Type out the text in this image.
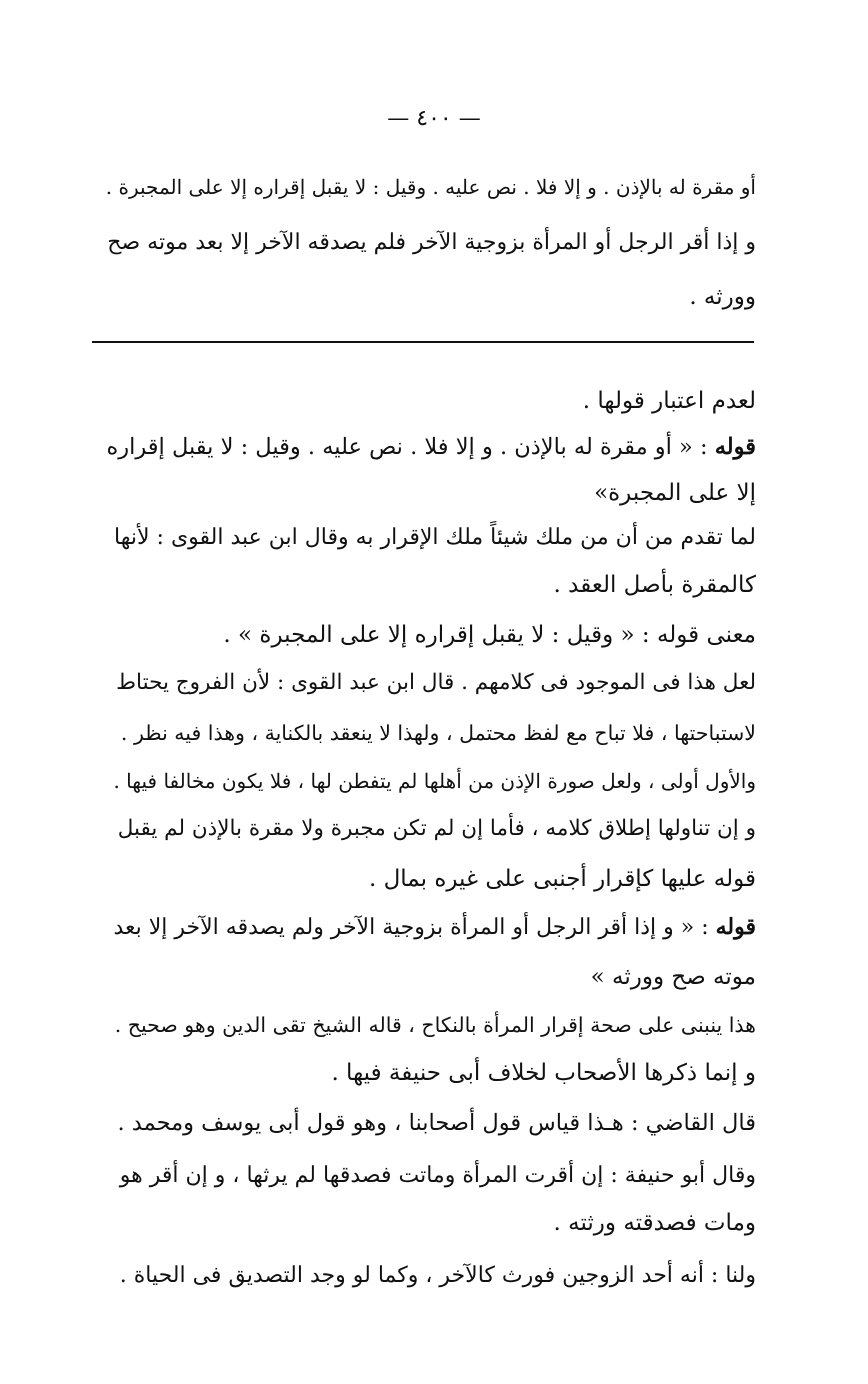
— ٤٠٠ —
أو مقرة له بالإذن . و إلا فلا . نص عليه . وقيل : لا يقبل إقراره إلا على المجبرة .
و إذا أقر الرجل أو المرأة بزوجية الآخر فلم يصدقه الآخر إلا بعد موته صح
وورثه .
لعدم اعتبار قولها .
قوله : « أو مقرة له بالإذن . و إلا فلا . نص عليه . وقيل : لا يقبل إقراره
إلا على المجبرة»
لما تقدم من أن من ملك شيئاً ملك الإقرار به وقال ابن عبد القوى : لأنها
كالمقرة بأصل العقد .
معنى قوله : « وقيل : لا يقبل إقراره إلا على المجبرة » .
لعل هذا فى الموجود فى كلامهم . قال ابن عبد القوى : لأن الفروج يحتاط
لاستباحتها ، فلا تباح مع لفظ محتمل ، ولهذا لا ينعقد بالكناية ، وهذا فيه نظر .
والأول أولى ، ولعل صورة الإذن من أهلها لم يتفطن لها ، فلا يكون مخالفا فيها .
و إن تناولها إطلاق كلامه ، فأما إن لم تكن مجبرة ولا مقرة بالإذن لم يقبل
قوله عليها كإقرار أجنبى على غيره بمال .
قوله : « و إذا أقر الرجل أو المرأة بزوجية الآخر ولم يصدقه الآخر إلا بعد
موته صح وورثه »
هذا ينبنى على صحة إقرار المرأة بالنكاح ، قاله الشيخ تقى الدين وهو صحيح .
و إنما ذكرها الأصحاب لخلاف أبى حنيفة فيها .
قال القاضي : هـذا قياس قول أصحابنا ، وهو قول أبى يوسف ومحمد .
وقال أبو حنيفة : إن أقرت المرأة وماتت فصدقها لم يرثها ، و إن أقر هو
ومات فصدقته ورثته .
ولنا : أنه أحد الزوجين فورث كالآخر ، وكما لو وجد التصديق فى الحياة .
